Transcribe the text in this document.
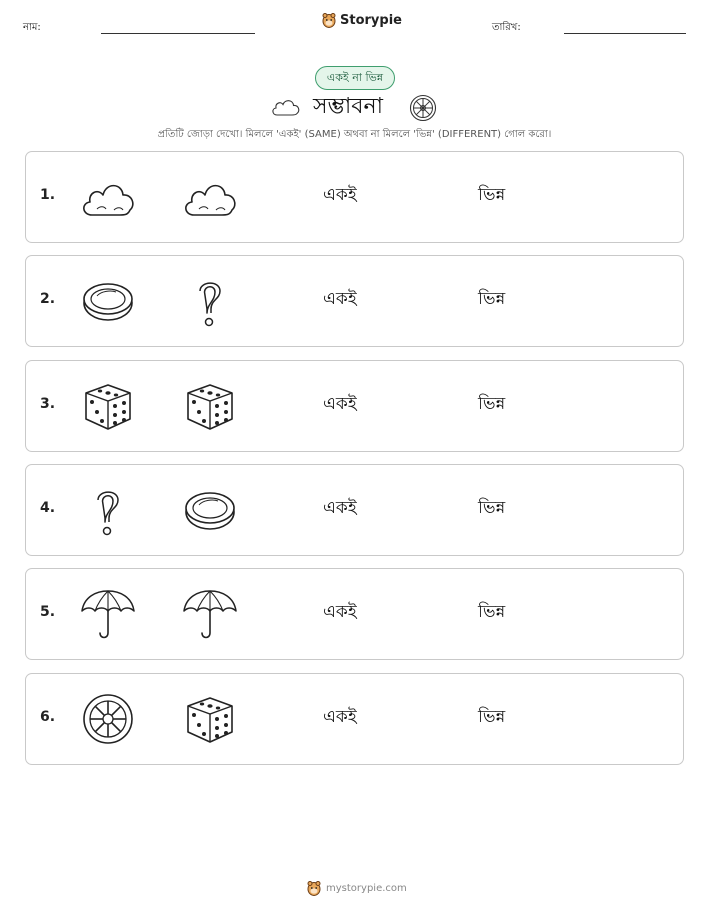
নাম:	Storypie	তারিখ:
একই না ভিন্ন
সম্ভাবনা
প্রতিটি জোড়া দেখো। মিললে 'একই' (SAME) অথবা না মিললে 'ভিন্ন' (DIFFERENT) গোল করো।
1.	একই	ভিন্ন
2.	একই	ভিন্ন
3.	একই	ভিন্ন
4.	একই	ভিন্ন
5.	একই	ভিন্ন
6.	একই	ভিন্ন
mystorypie.com
